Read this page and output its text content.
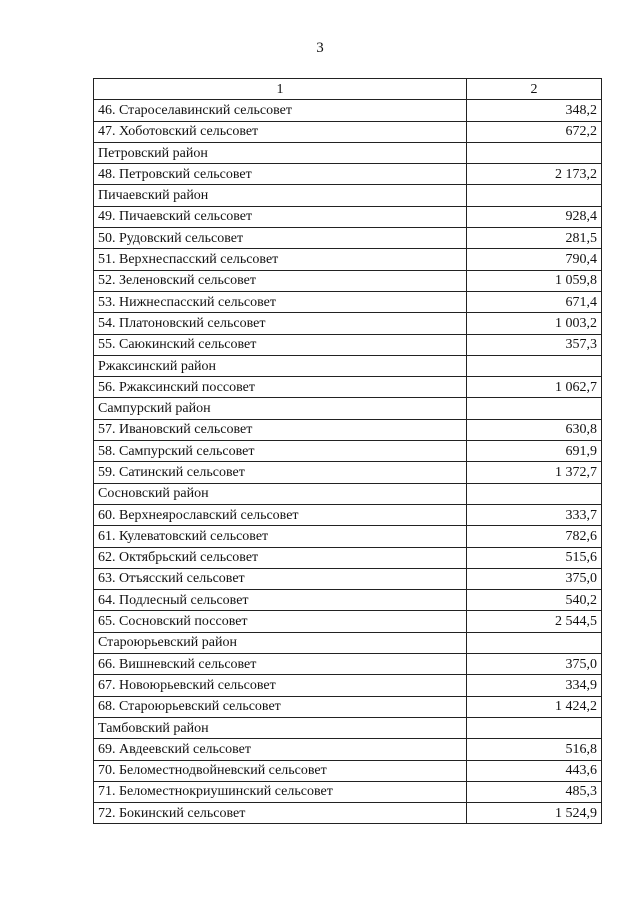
3
1	2
46. Староселавинский сельсовет	348,2
47. Хоботовский сельсовет	672,2
Петровский район	
48. Петровский сельсовет	2 173,2
Пичаевский район	
49. Пичаевский сельсовет	928,4
50. Рудовский сельсовет	281,5
51. Верхнеспасский сельсовет	790,4
52. Зеленовский сельсовет	1 059,8
53. Нижнеспасский сельсовет	671,4
54. Платоновский сельсовет	1 003,2
55. Саюкинский сельсовет	357,3
Ржаксинский район	
56. Ржаксинский поссовет	1 062,7
Сампурский район	
57. Ивановский сельсовет	630,8
58. Сампурский сельсовет	691,9
59. Сатинский сельсовет	1 372,7
Сосновский район	
60. Верхнеярославский сельсовет	333,7
61. Кулеватовский сельсовет	782,6
62. Октябрьский сельсовет	515,6
63. Отъясский сельсовет	375,0
64. Подлесный сельсовет	540,2
65. Сосновский поссовет	2 544,5
Староюрьевский район	
66. Вишневский сельсовет	375,0
67. Новоюрьевский сельсовет	334,9
68. Староюрьевский сельсовет	1 424,2
Тамбовский район	
69. Авдеевский сельсовет	516,8
70. Беломестнодвойневский сельсовет	443,6
71. Беломестнокриушинский сельсовет	485,3
72. Бокинский сельсовет	1 524,9
